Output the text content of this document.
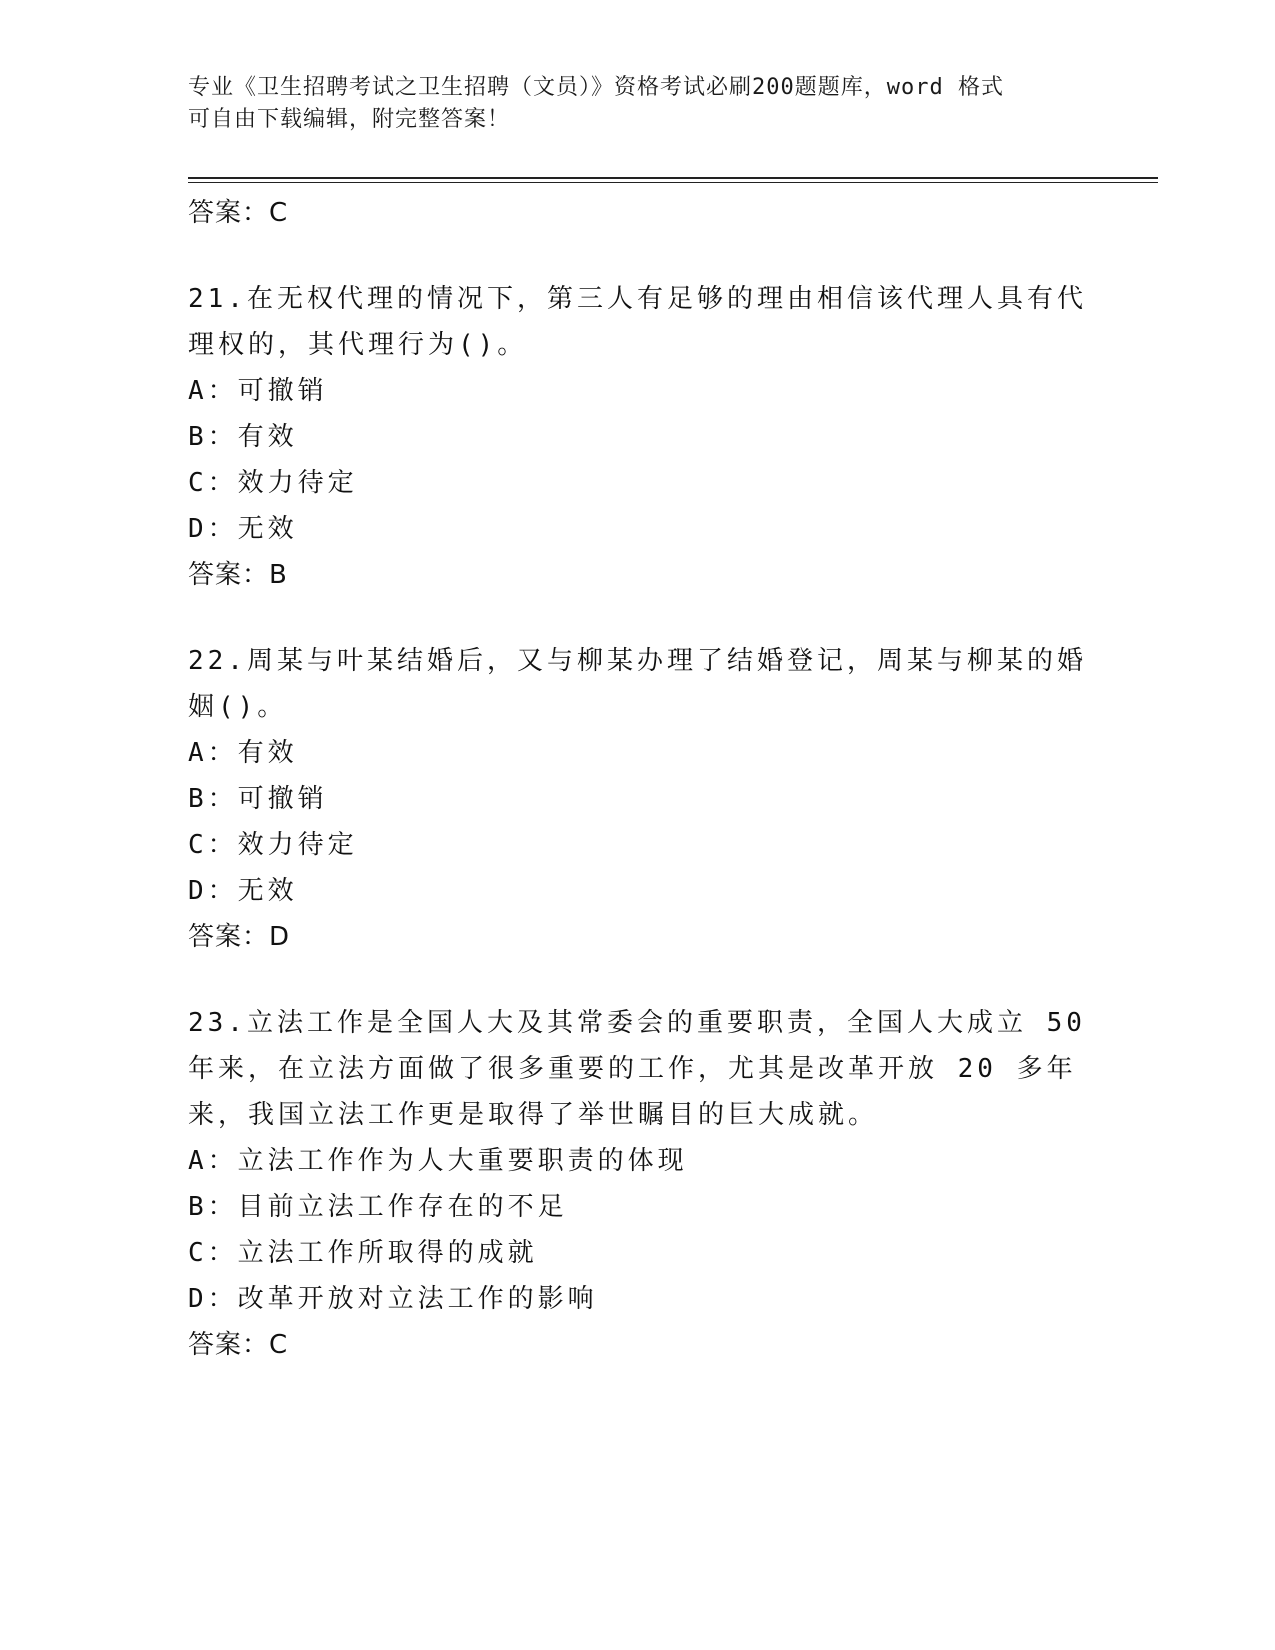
专业《卫生招聘考试之卫生招聘（文员）》资格考试必刷200题题库，word 格式
可自由下载编辑，附完整答案！
答案：C
21.在无权代理的情况下，第三人有足够的理由相信该代理人具有代理权的，其代理行为()。
A：可撤销
B：有效
C：效力待定
D：无效
答案：B
22.周某与叶某结婚后，又与柳某办理了结婚登记，周某与柳某的婚姻()。
A：有效
B：可撤销
C：效力待定
D：无效
答案：D
23.立法工作是全国人大及其常委会的重要职责，全国人大成立 50 年来，在立法方面做了很多重要的工作，尤其是改革开放 20 多年来，我国立法工作更是取得了举世瞩目的巨大成就。
A：立法工作作为人大重要职责的体现
B：目前立法工作存在的不足
C：立法工作所取得的成就
D：改革开放对立法工作的影响
答案：C
